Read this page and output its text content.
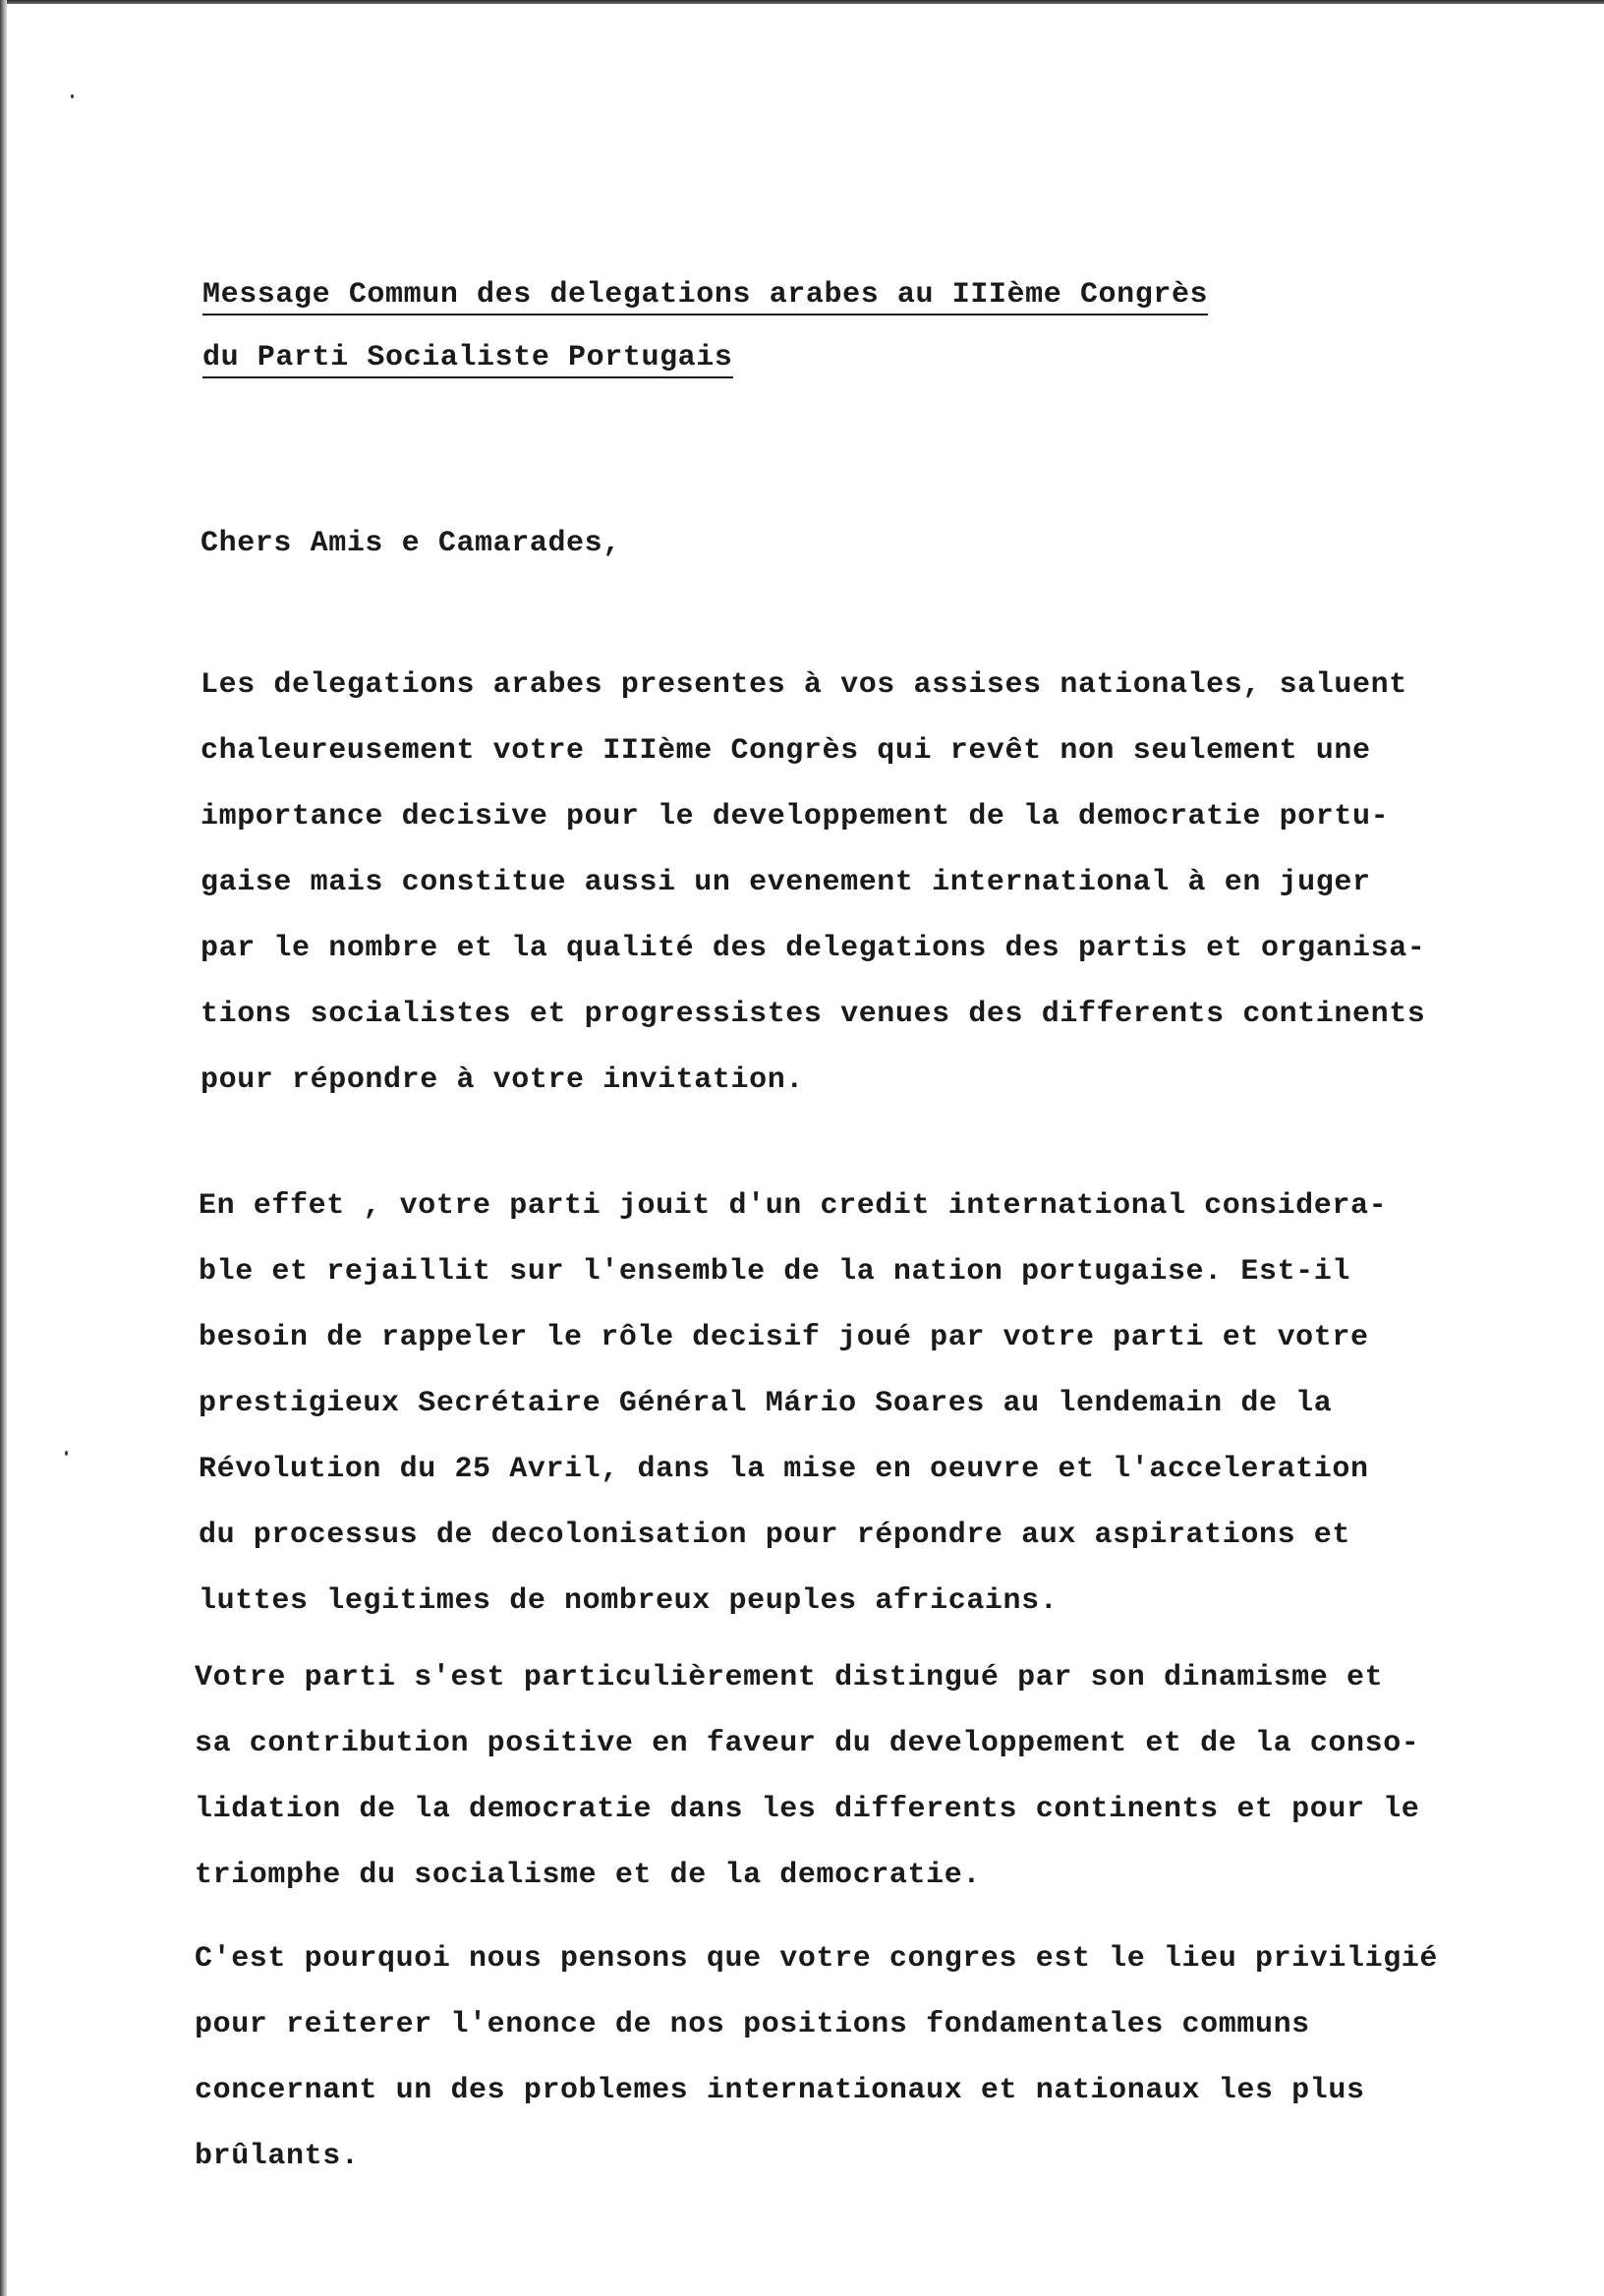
Message Commun des delegations arabes au IIIème Congrès
du Parti Socialiste Portugais
Chers Amis e Camarades,
Les delegations arabes presentes à vos assises nationales, saluent
chaleureusement votre IIIème Congrès qui revêt non seulement une
importance decisive pour le developpement de la democratie portu-
gaise mais constitue aussi un evenement international à en juger
par le nombre et la qualité des delegations des partis et organisa-
tions socialistes et progressistes venues des differents continents
pour répondre à votre invitation.
En effet , votre parti jouit d'un credit international considera-
ble et rejaillit sur l'ensemble de la nation portugaise. Est-il
besoin de rappeler le rôle decisif joué par votre parti et votre
prestigieux Secrétaire Général Mário Soares au lendemain de la
Révolution du 25 Avril, dans la mise en oeuvre et l'acceleration
du processus de decolonisation pour répondre aux aspirations et
luttes legitimes de nombreux peuples africains.
Votre parti s'est particulièrement distingué par son dinamisme et
sa contribution positive en faveur du developpement et de la conso-
lidation de la democratie dans les differents continents et pour le
triomphe du socialisme et de la democratie.
C'est pourquoi nous pensons que votre congres est le lieu priviligié
pour reiterer l'enonce de nos positions fondamentales communs
concernant un des problemes internationaux et nationaux les plus
brûlants.
